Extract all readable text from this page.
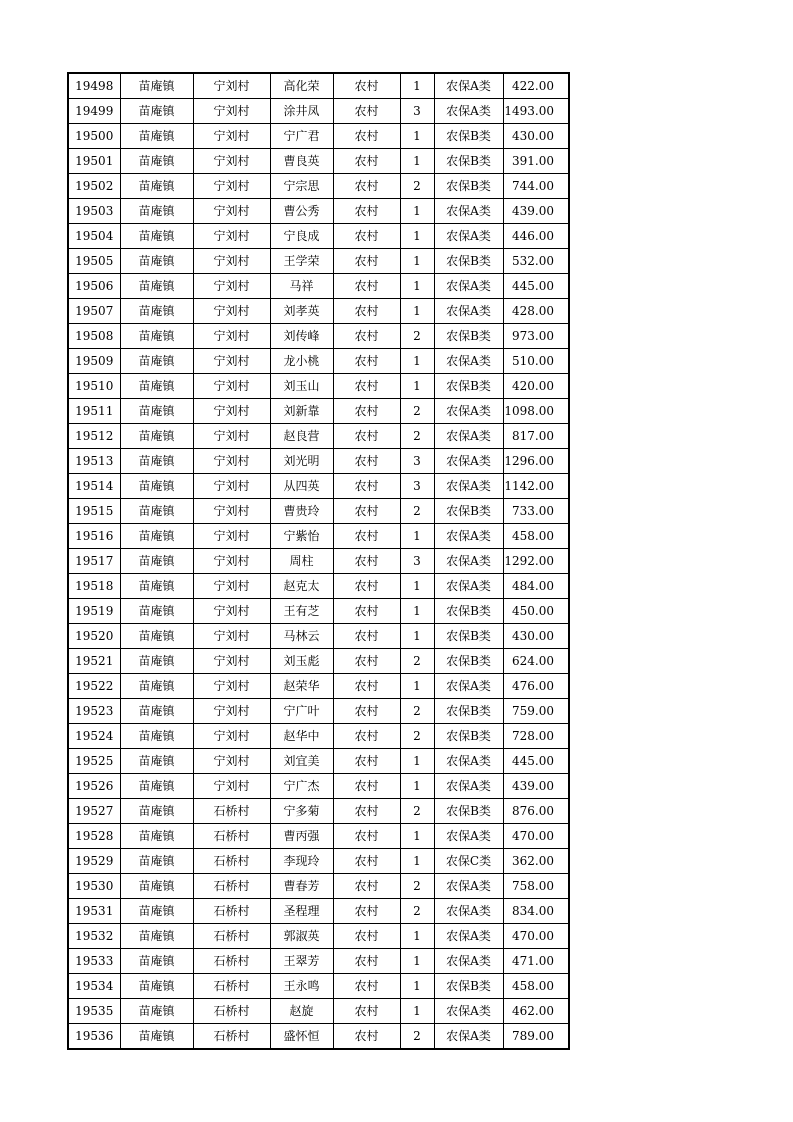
19498	苗庵镇	宁刘村	高化荣	农村	1	农保A类	422.00
19499	苗庵镇	宁刘村	涂井凤	农村	3	农保A类	1493.00
19500	苗庵镇	宁刘村	宁广君	农村	1	农保B类	430.00
19501	苗庵镇	宁刘村	曹良英	农村	1	农保B类	391.00
19502	苗庵镇	宁刘村	宁宗思	农村	2	农保B类	744.00
19503	苗庵镇	宁刘村	曹公秀	农村	1	农保A类	439.00
19504	苗庵镇	宁刘村	宁良成	农村	1	农保A类	446.00
19505	苗庵镇	宁刘村	王学荣	农村	1	农保B类	532.00
19506	苗庵镇	宁刘村	马祥	农村	1	农保A类	445.00
19507	苗庵镇	宁刘村	刘孝英	农村	1	农保A类	428.00
19508	苗庵镇	宁刘村	刘传峰	农村	2	农保B类	973.00
19509	苗庵镇	宁刘村	龙小桃	农村	1	农保A类	510.00
19510	苗庵镇	宁刘村	刘玉山	农村	1	农保B类	420.00
19511	苗庵镇	宁刘村	刘新靠	农村	2	农保A类	1098.00
19512	苗庵镇	宁刘村	赵良营	农村	2	农保A类	817.00
19513	苗庵镇	宁刘村	刘光明	农村	3	农保A类	1296.00
19514	苗庵镇	宁刘村	从四英	农村	3	农保A类	1142.00
19515	苗庵镇	宁刘村	曹贵玲	农村	2	农保B类	733.00
19516	苗庵镇	宁刘村	宁紫怡	农村	1	农保A类	458.00
19517	苗庵镇	宁刘村	周柱	农村	3	农保A类	1292.00
19518	苗庵镇	宁刘村	赵克太	农村	1	农保A类	484.00
19519	苗庵镇	宁刘村	王有芝	农村	1	农保B类	450.00
19520	苗庵镇	宁刘村	马林云	农村	1	农保B类	430.00
19521	苗庵镇	宁刘村	刘玉彪	农村	2	农保B类	624.00
19522	苗庵镇	宁刘村	赵荣华	农村	1	农保A类	476.00
19523	苗庵镇	宁刘村	宁广叶	农村	2	农保B类	759.00
19524	苗庵镇	宁刘村	赵华中	农村	2	农保B类	728.00
19525	苗庵镇	宁刘村	刘宜美	农村	1	农保A类	445.00
19526	苗庵镇	宁刘村	宁广杰	农村	1	农保A类	439.00
19527	苗庵镇	石桥村	宁多菊	农村	2	农保B类	876.00
19528	苗庵镇	石桥村	曹丙强	农村	1	农保A类	470.00
19529	苗庵镇	石桥村	李现玲	农村	1	农保C类	362.00
19530	苗庵镇	石桥村	曹春芳	农村	2	农保A类	758.00
19531	苗庵镇	石桥村	圣程理	农村	2	农保A类	834.00
19532	苗庵镇	石桥村	郭淑英	农村	1	农保A类	470.00
19533	苗庵镇	石桥村	王翠芳	农村	1	农保A类	471.00
19534	苗庵镇	石桥村	王永鸣	农村	1	农保B类	458.00
19535	苗庵镇	石桥村	赵旋	农村	1	农保A类	462.00
19536	苗庵镇	石桥村	盛怀恒	农村	2	农保A类	789.00
